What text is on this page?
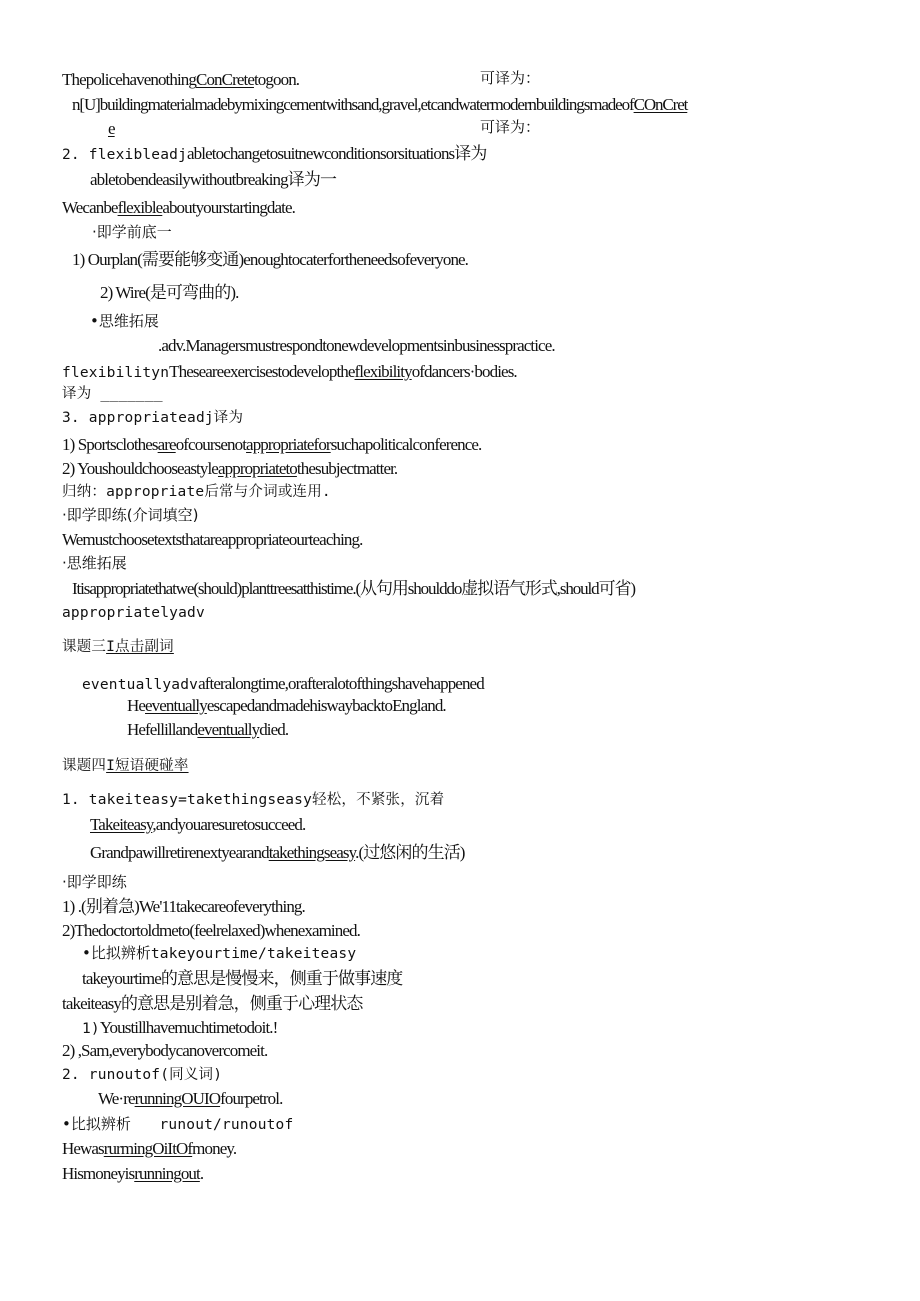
ThepolicehavenothingConCretetogoon.	可译为：
n[U]buildingmaterialmadebymixingcementwithsand,gravel,etcandwatermodernbuildingsmadeofCOnCret
e	可译为：
2. flexibleadjabletochangetosuitnewconditionsorsituations译为
abletobendeasilywithoutbreaking译为一
Wecanbeflexibleaboutyourstartingdate.
·即学前底一
1) Ourplan(需要能够变通)enoughtocaterfortheneedsofeveryone.
2) Wire(是可弯曲的).
•思维拓展
.adv.Managersmustrespondtonewdevelopmentsinbusinesspractice.
flexibilitynThesearee​xercisestodeveloptheflexibilityofdancers·bodies.
译为 _______
3. appropriateadj译为
1) Sportsclothesareofcoursenotappropriateforsuchapoliticalconference.
2) Youshouldchooseastyleappropriatetothesubjectmatter.
归纳：appropriate后常与介词或连用.
·即学即练(介词填空)
Wemustchoosetextsthatareappropriateourteaching.
·思维拓展
Itisappropriatethatwe(should)planttreesatthistime.(从句用shoulddo虚拟语气形式,should可省)
appropriatelyadv
课题三I点击副词
eventuallyadvafteralongtime,orafteralotofthingshavehappened
HeeventuallyescapedandmadehiswaybacktoEngland.
Hefellillandeventuallydied.
课题四I短语硬碰率
1. takeiteasy=takethingseasy轻松，不紧张，沉着
Takeiteasy,andyouaresuretosucceed.
Grandpawillretirenextyearandtakethingseasy.(过悠闲的生活)
·即学即练
1) .(别着急)We'11takecareofeverything.
2)Thedoctortoldmeto(feelrelaxed)whenexamined.
•比拟辨析takeyourtime/takeiteasy
takeyourtime的意思是慢慢来，侧重于做事速度
takeiteasy的意思是别着急，侧重于心理状态
1)Youstillhavemuchtimetodoit.!
2) ,Sam,everybodycanovercomeit.
2. runoutof(同义词)
We·rerunningOUIOfourpetrol.
•比拟辨析      runout/runoutof
HewasrurmingOiItOfmoney.
Hismoneyisrunningout.
